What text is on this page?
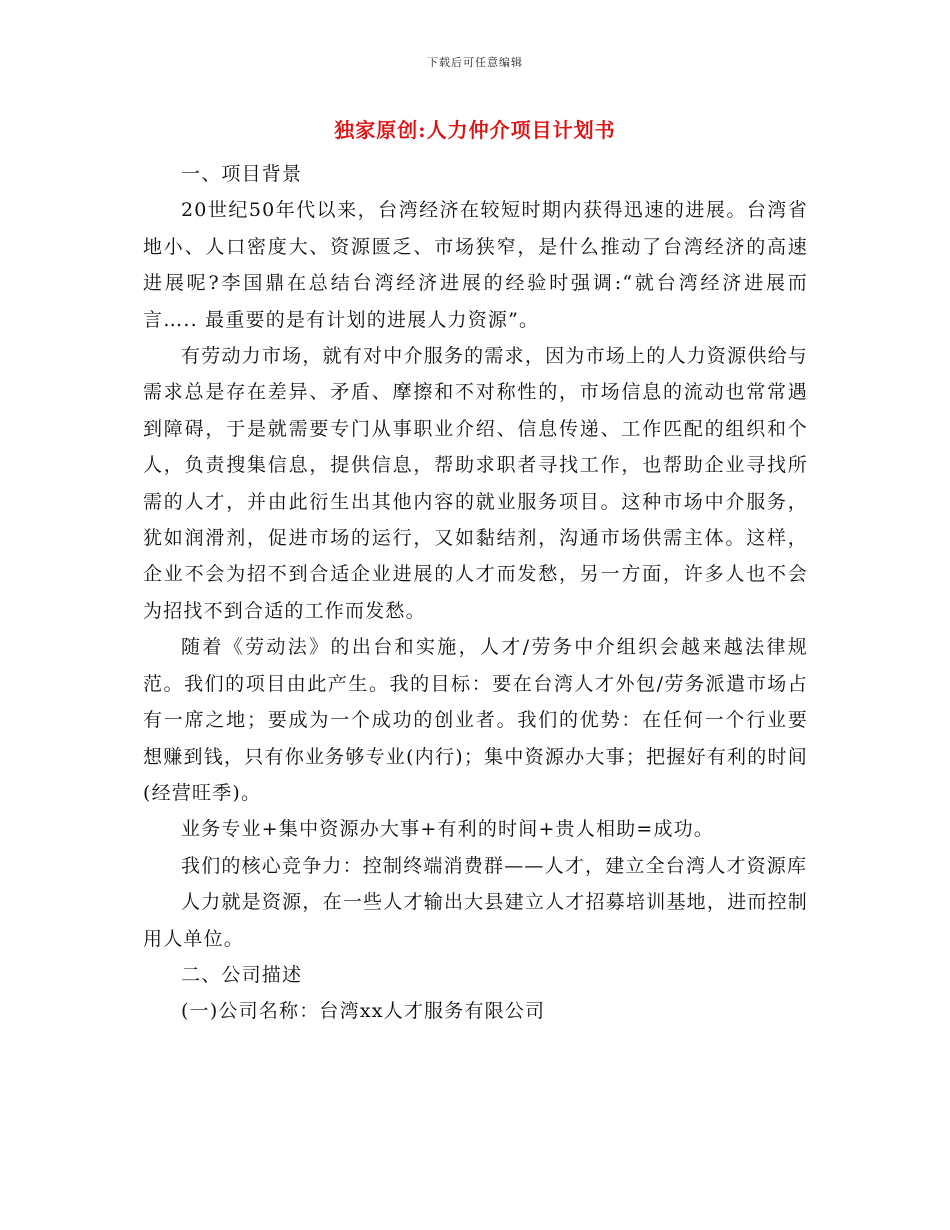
下载后可任意编辑
独家原创:人力仲介项目计划书

一、项目背景

20世纪50年代以来，台湾经济在较短时期内获得迅速的进展。台湾省地小、人口密度大、资源匮乏、市场狭窄，是什么推动了台湾经济的高速进展呢?李国鼎在总结台湾经济进展的经验时强调:“就台湾经济进展而言….. 最重要的是有计划的进展人力资源”。

有劳动力市场，就有对中介服务的需求，因为市场上的人力资源供给与需求总是存在差异、矛盾、摩擦和不对称性的，市场信息的流动也常常遇到障碍，于是就需要专门从事职业介绍、信息传递、工作匹配的组织和个人，负责搜集信息，提供信息，帮助求职者寻找工作，也帮助企业寻找所需的人才，并由此衍生出其他内容的就业服务项目。这种市场中介服务，犹如润滑剂，促进市场的运行，又如黏结剂，沟通市场供需主体。这样，企业不会为招不到合适企业进展的人才而发愁，另一方面，许多人也不会为招找不到合适的工作而发愁。

随着《劳动法》的出台和实施，人才/劳务中介组织会越来越法律规范。我们的项目由此产生。我的目标：要在台湾人才外包/劳务派遣市场占有一席之地；要成为一个成功的创业者。我们的优势：在任何一个行业要想赚到钱，只有你业务够专业(内行)；集中资源办大事；把握好有利的时间(经营旺季)。

业务专业+集中资源办大事+有利的时间+贵人相助=成功。

我们的核心竞争力：控制终端消费群——人才，建立全台湾人才资源库

人力就是资源，在一些人才输出大县建立人才招募培训基地，进而控制用人单位。

二、公司描述

(一)公司名称：台湾xx人才服务有限公司
